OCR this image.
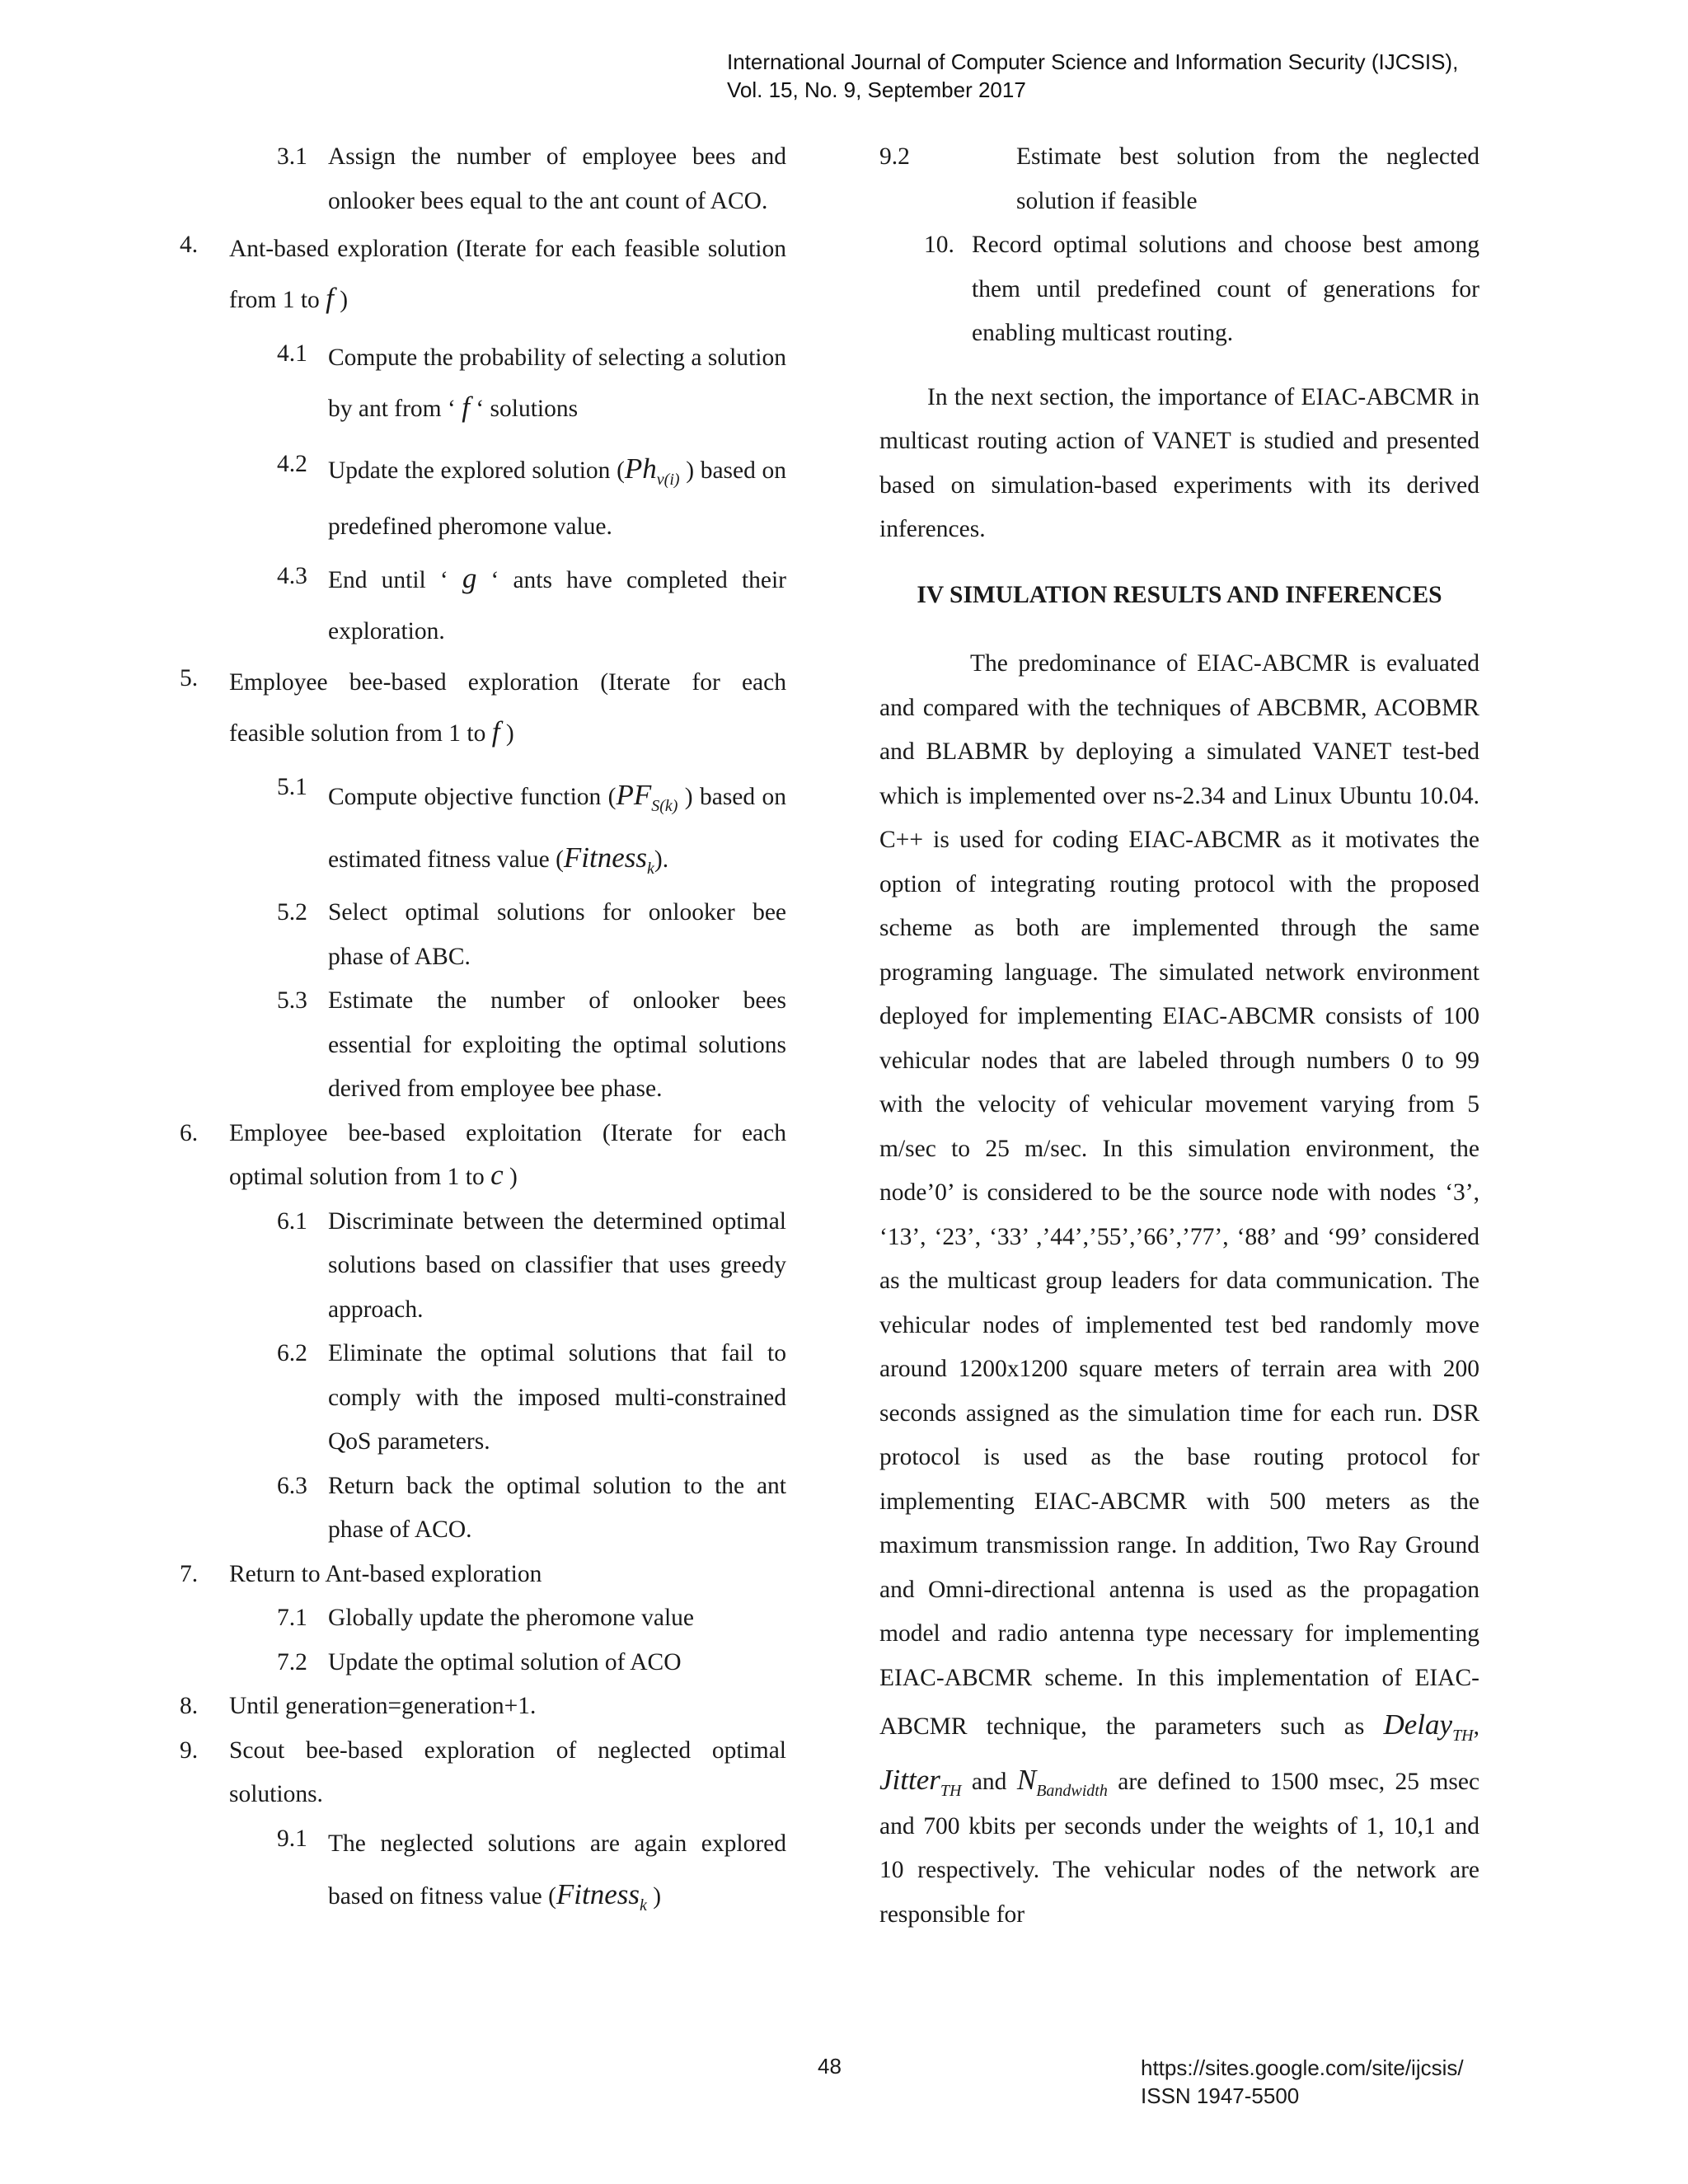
International Journal of Computer Science and Information Security (IJCSIS),
Vol. 15, No. 9, September 2017
3.1 Assign the number of employee bees and onlooker bees equal to the ant count of ACO.
4. Ant-based exploration (Iterate for each feasible solution from 1 to f )
4.1 Compute the probability of selecting a solution by ant from ‘ f ‘ solutions
4.2 Update the explored solution ($Ph_{v(i)}$ ) based on predefined pheromone value.
4.3 End until ‘ g ‘ ants have completed their exploration.
5. Employee bee-based exploration (Iterate for each feasible solution from 1 to f )
5.1 Compute objective function ($PF_{S(k)}$ ) based on estimated fitness value (Fitness$_k$).
5.2 Select optimal solutions for onlooker bee phase of ABC.
5.3 Estimate the number of onlooker bees essential for exploiting the optimal solutions derived from employee bee phase.
6. Employee bee-based exploitation (Iterate for each optimal solution from 1 to c )
6.1 Discriminate between the determined optimal solutions based on classifier that uses greedy approach.
6.2 Eliminate the optimal solutions that fail to comply with the imposed multi-constrained QoS parameters.
6.3 Return back the optimal solution to the ant phase of ACO.
7. Return to Ant-based exploration
7.1 Globally update the pheromone value
7.2 Update the optimal solution of ACO
8. Until generation=generation+1.
9. Scout bee-based exploration of neglected optimal solutions.
9.1 The neglected solutions are again explored based on fitness value (Fitness$_k$ )
9.2	Estimate best solution from the neglected solution if feasible
10. Record optimal solutions and choose best among them until predefined count of generations for enabling multicast routing.
In the next section, the importance of EIAC-ABCMR in multicast routing action of VANET is studied and presented based on simulation-based experiments with its derived inferences.
IV SIMULATION RESULTS AND INFERENCES
The predominance of EIAC-ABCMR is evaluated and compared with the techniques of ABCBMR, ACOBMR and BLABMR by deploying a simulated VANET test-bed which is implemented over ns-2.34 and Linux Ubuntu 10.04. C++ is used for coding EIAC-ABCMR as it motivates the option of integrating routing protocol with the proposed scheme as both are implemented through the same programing language. The simulated network environment deployed for implementing EIAC-ABCMR consists of 100 vehicular nodes that are labeled through numbers 0 to 99 with the velocity of vehicular movement varying from 5 m/sec to 25 m/sec. In this simulation environment, the node’0’ is considered to be the source node with nodes ‘3’, ‘13’, ‘23’, ‘33’ ,’44’,’55’,’66’,’77’, ‘88’ and ‘99’ considered as the multicast group leaders for data communication. The vehicular nodes of implemented test bed randomly move around 1200x1200 square meters of terrain area with 200 seconds assigned as the simulation time for each run. DSR protocol is used as the base routing protocol for implementing EIAC-ABCMR with 500 meters as the maximum transmission range. In addition, Two Ray Ground and Omni-directional antenna is used as the propagation model and radio antenna type necessary for implementing EIAC-ABCMR scheme. In this implementation of EIAC-ABCMR technique, the parameters such as Delay$_{TH}$, Jitter$_{TH}$ and $N_{Bandwidth}$ are defined to 1500 msec, 25 msec and 700 kbits per seconds under the weights of 1, 10,1 and 10 respectively. The vehicular nodes of the network are responsible for
48	https://sites.google.com/site/ijcsis/
ISSN 1947-5500
